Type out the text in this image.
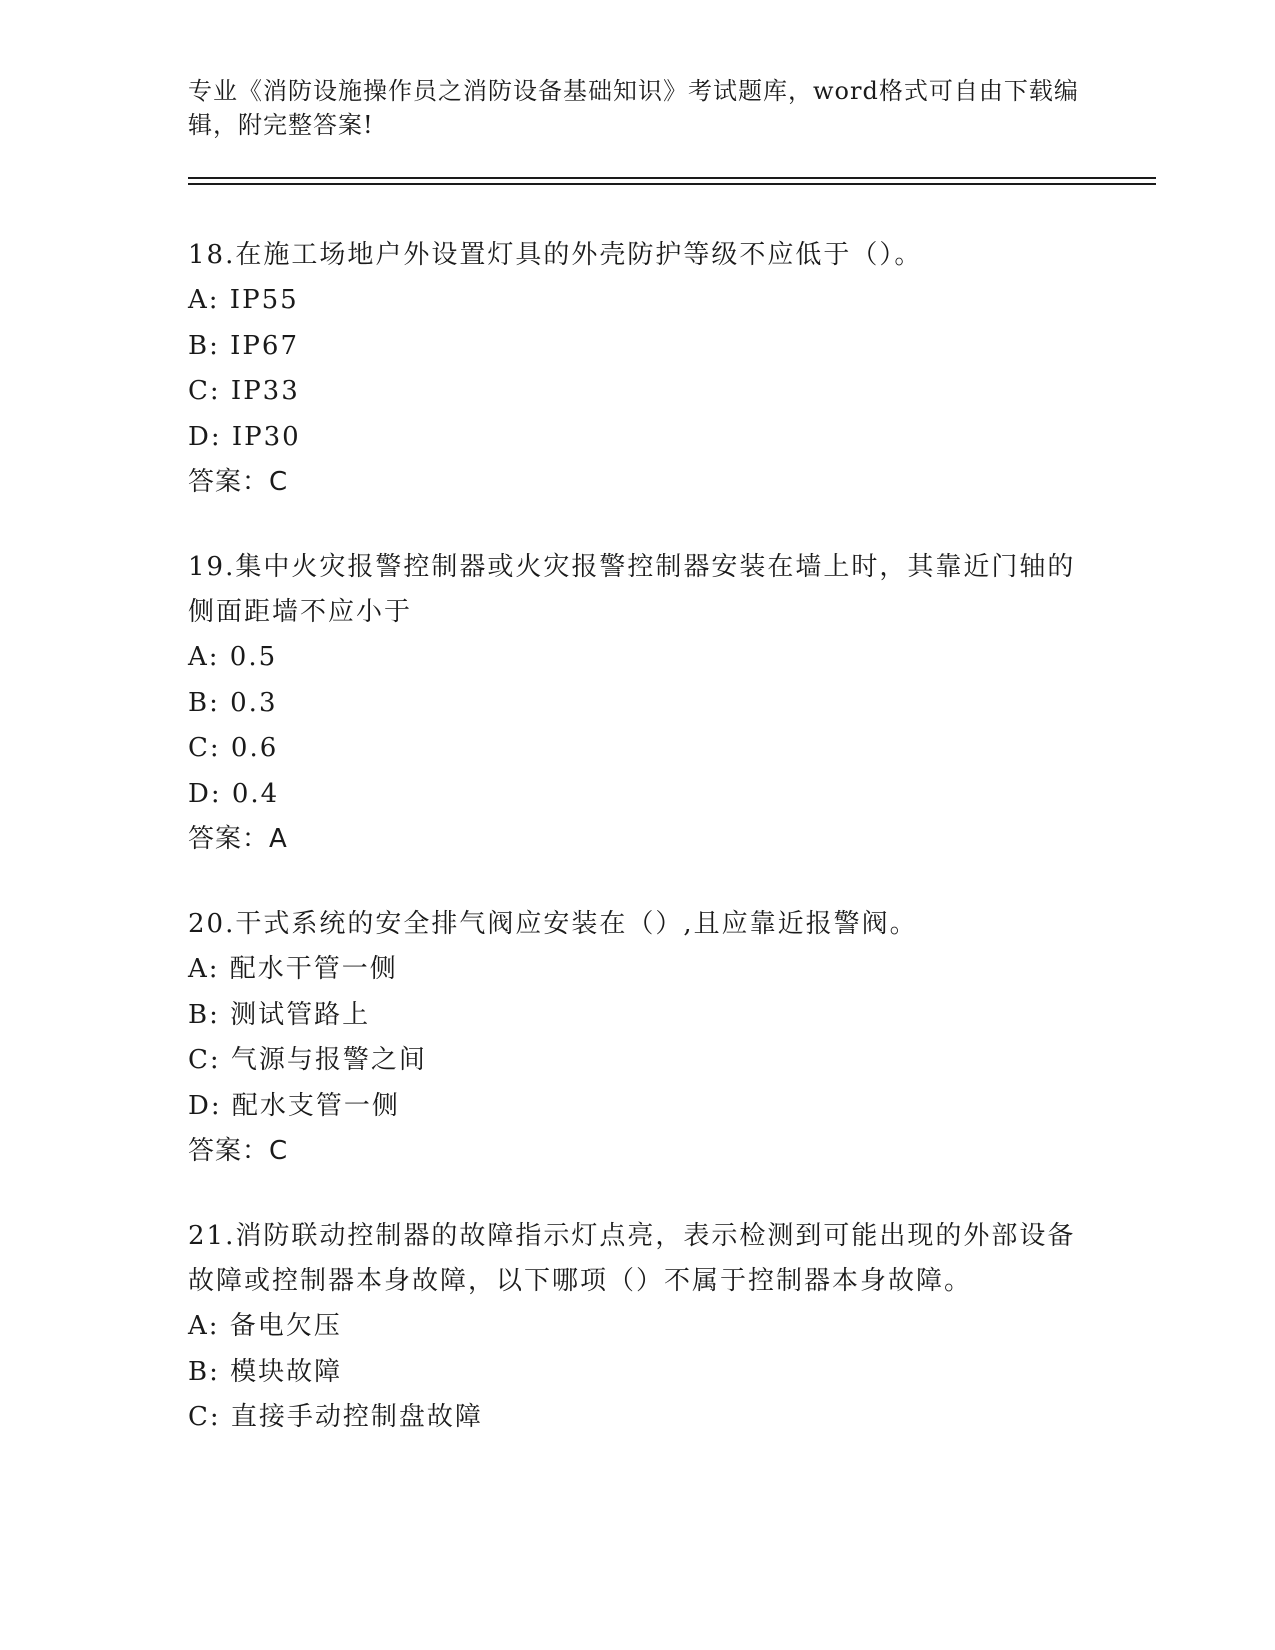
专业《消防设施操作员之消防设备基础知识》考试题库，word格式可自由下载编
辑，附完整答案!

18.在施工场地户外设置灯具的外壳防护等级不应低于（）。

A: IP55

B: IP67

C: IP33

D: IP30

答案：C

19.集中火灾报警控制器或火灾报警控制器安装在墙上时，其靠近门轴的侧面距墙不应小于

A: 0.5

B: 0.3

C: 0.6

D: 0.4

答案：A

20.干式系统的安全排气阀应安装在（）,且应靠近报警阀。

A: 配水干管一侧

B: 测试管路上

C: 气源与报警之间

D: 配水支管一侧

答案：C

21.消防联动控制器的故障指示灯点亮，表示检测到可能出现的外部设备故障或控制器本身故障，以下哪项（）不属于控制器本身故障。

A: 备电欠压

B: 模块故障

C: 直接手动控制盘故障
